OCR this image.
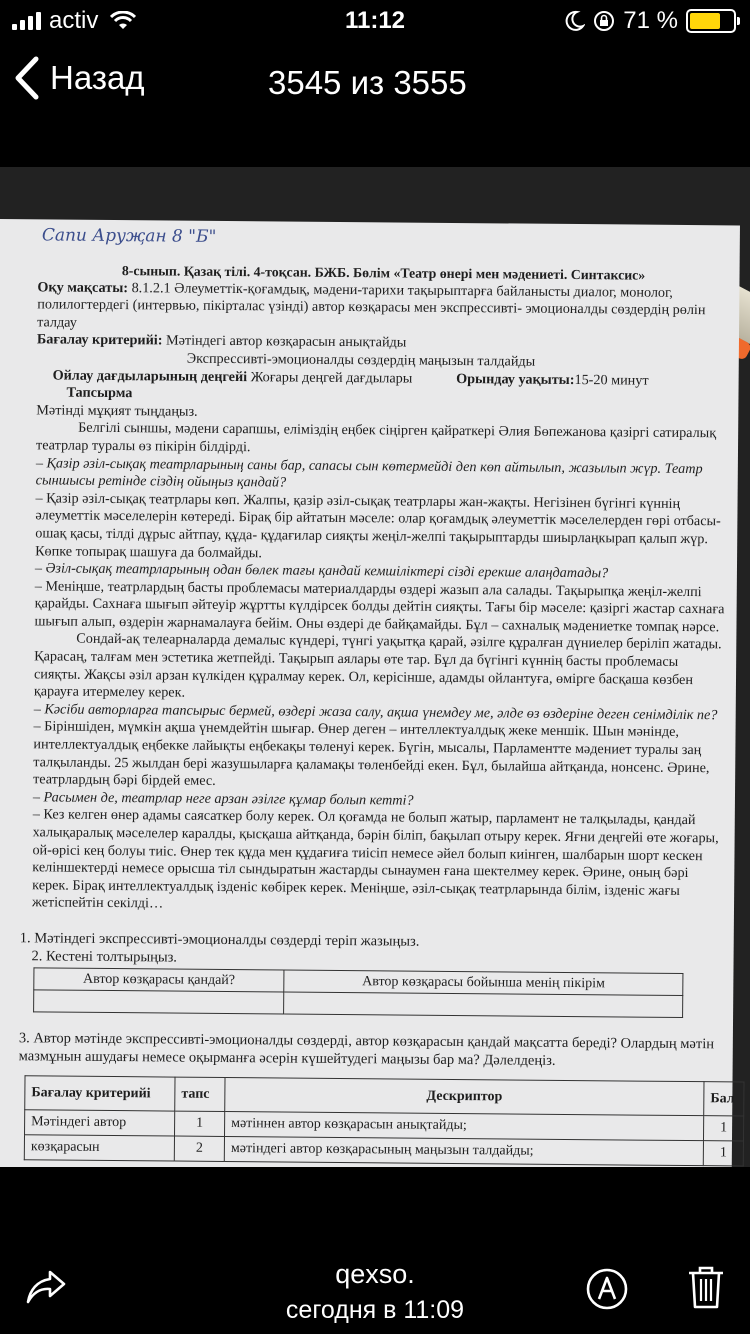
activ	11:12	71 %
Назад	3545 из 3555
Сапи Аруҗан 8 "Б"

8-сынып. Қазақ тілі. 4-тоқсан. БЖБ. Бөлім «Театр өнері мен мәдениеті. Синтаксис»

Оқу мақсаты: 8.1.2.1 Әлеуметтік-қоғамдық, мәдени-тарихи тақырыптарға байланысты диалог, монолог, полилогтердегі (интервью, пікірталас үзінді) автор көзқарасы мен экспрессивті- эмоционалды сөздердің рөлін талдау

Бағалау критерийі: Мәтіндегі автор көзқарасын анықтайды

Экспрессивті-эмоционалды сөздердің маңызын талдайды

Ойлау дағдыларының деңгейі Жоғары деңгей дағдылары	Орындау уақыты:15-20 минут

Тапсырма

Мәтінді мұқият тыңдаңыз.

Белгілі сыншы, мәдени сарапшы, еліміздің еңбек сіңірген қайраткері Әлия Бөпежанова қазіргі сатиралық театрлар туралы өз пікірін білдірді.

– Қазір әзіл-сықақ театрларының саны бар, сапасы сын көтермейді деп көп айтылып, жазылып жүр. Театр сыншысы ретінде сіздің ойыңыз қандай?

– Қазір әзіл-сықақ театрлары көп. Жалпы, қазір әзіл-сықақ театрлары жан-жақты. Негізінен бүгінгі күннің әлеуметтік мәселелерін көтереді. Бірақ бір айтатын мәселе: олар қоғамдық әлеуметтік мәселелерден гөрі отбасы-ошақ қасы, тілді дұрыс айтпау, құда- құдағилар сияқты жеңіл-желпі тақырыптарды шиырлаңкырап қалып жүр. Көпке топырақ шашуға да болмайды.

– Әзіл-сықақ театрларының одан бөлек тағы қандай кемшіліктері сізді ерекше алаңдатады?

– Меніңше, театрлардың басты проблемасы материалдарды өздері жазып ала салады. Тақырыпқа жеңіл-желпі қарайды. Сахнаға шығып әйтеуір жұртты күлдірсек болды дейтін сияқты. Тағы бір мәселе: қазіргі жастар сахнаға шығып алып, өздерін жарнамалауға бейім. Оны өздері де байқамайды. Бұл – сахналық мәдениетке томпақ нәрсе.

Сондай-ақ телеарналарда демалыс күндері, түнгі уақытқа қарай, әзілге құралған дүниелер беріліп жатады. Қарасаң, талғам мен эстетика жетпейді. Тақырып аялары өте тар. Бұл да бүгінгі күннің басты проблемасы сияқты. Жақсы әзіл арзан күлкіден құралмау керек. Ол, керісінше, адамды ойлантуға, өмірге басқаша көзбен қарауға итермелеу керек.

– Кәсіби авторларға тапсырыс бермей, өздері жаза салу, ақша үнемдеу ме, әлде өз өздеріне деген сенімділік пе?

– Біріншіден, мүмкін ақша үнемдейтін шығар. Өнер деген – интеллектуалдық жеке меншік. Шын мәнінде, интеллектуалдық еңбекке лайықты еңбекақы төленуі керек. Бүгін, мысалы, Парламентте мәдениет туралы заң талқыланды. 25 жылдан бері жазушыларға қаламақы төленбейді екен. Бұл, былайша айтқанда, нонсенс. Әрине, театрлардың бәрі бірдей емес.

– Расымен де, театрлар неге арзан әзілге құмар болып кетті?

– Кез келген өнер адамы саясаткер болу керек. Ол қоғамда не болып жатыр, парламент не талқылады, қандай халықаралық мәселелер каралды, қысқаша айтқанда, бәрін біліп, бақылап отыру керек. Яғни деңгейі өте жоғары, ой-өрісі кең болуы тиіс. Өнер тек құда мен құдағиға тиісіп немесе әйел болып киінген, шалбарын шорт кескен келіншектерді немесе орысша тіл сындыратын жастарды сынаумен ғана шектелмеу керек. Әрине, оның бәрі керек. Бірақ интеллектуалдық ізденіс көбірек керек. Меніңше, әзіл-сықақ театрларында білім, ізденіс жағы жетіспейтін секілді…

1. Мәтіндегі экспрессивті-эмоционалды сөздерді теріп жазыңыз.

2. Кестені толтырыңыз.

Автор көзқарасы қандай?	Автор көзқарасы бойынша менің пікірім

3. Автор мәтінде экспрессивті-эмоционалды сөздерді, автор көзқарасын қандай мақсатта береді? Олардың мәтін мазмұнын ашудағы немесе оқырманға әсерін күшейтудегі маңызы бар ма? Дәлелдеңіз.

Бағалау критерийі	тапс	Дескриптор	Бал
Мәтіндегі автор	1	мәтіннен автор көзқарасын анықтайды;	1
көзқарасын	2	мәтіндегі автор көзқарасының маңызын талдайды;	1
qexso.
сегодня в 11:09
